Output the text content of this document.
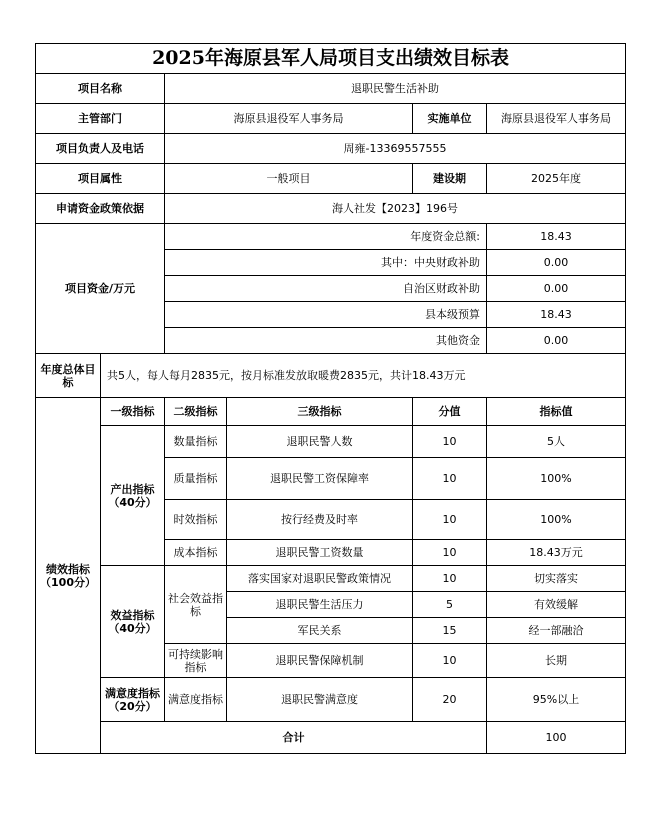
2025年海原县军人局项目支出绩效目标表						
项目名称		退职民警生活补助				
主管部门		海原县退役军人事务局		实施单位	海原县退役军人事务局	
项目负责人及电话		周雍-13369557555				
项目属性		一般项目		建设期	2025年度	
申请资金政策依据		海人社发【2023】196号				
项目资金/万元		年度资金总额:			18.43	
		其中：中央财政补助			0.00	
		自治区财政补助			0.00	
		县本级预算			18.43	
		其他资金			0.00	
年度总体目标	共5人，每人每月2835元，按月标准发放取暖费2835元，共计18.43万元					
绩效指标（100分）	一级指标	二级指标	三级指标	分值	指标值	
	产出指标（40分）	数量指标	退职民警人数	10	5人	
		质量指标	退职民警工资保障率	10	100%	
		时效指标	按行经费及时率	10	100%	
		成本指标	退职民警工资数量	10	18.43万元	
	效益指标（40分）	社会效益指标	落实国家对退职民警政策情况	10	切实落实	
			退职民警生活压力	5	有效缓解	
			军民关系	15	经一部融洽	
		可持续影响指标	退职民警保障机制	10	长期	
	满意度指标（20分）	满意度指标	退职民警满意度	20	95%以上	
	合计				100	
